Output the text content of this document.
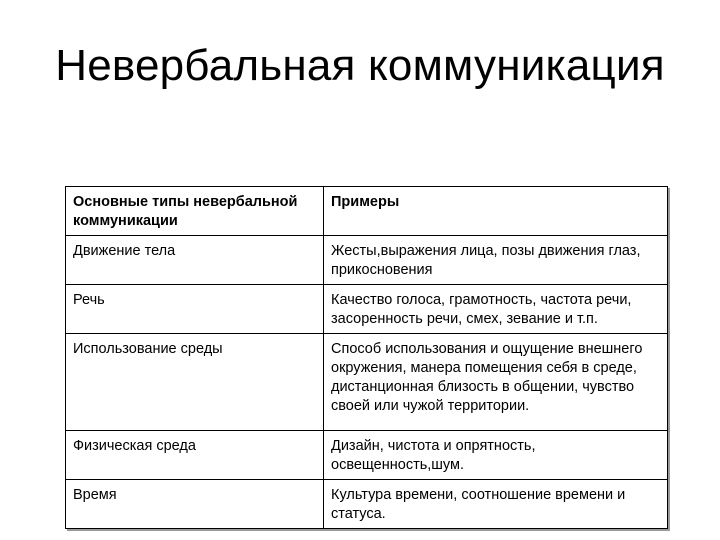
Невербальная коммуникация
Основные типы невербальной коммуникации	Примеры
Движение тела	Жесты,выражения лица, позы движения глаз, прикосновения
Речь	Качество голоса, грамотность, частота речи, засоренность речи, смех, зевание и т.п.
Использование среды	Способ использования и ощущение внешнего окружения, манера помещения себя в среде, дистанционная близость в общении, чувство своей или чужой территории.
Физическая среда	Дизайн, чистота и опрятность, освещенность,шум.
Время	Культура времени, соотношение времени и статуса.
